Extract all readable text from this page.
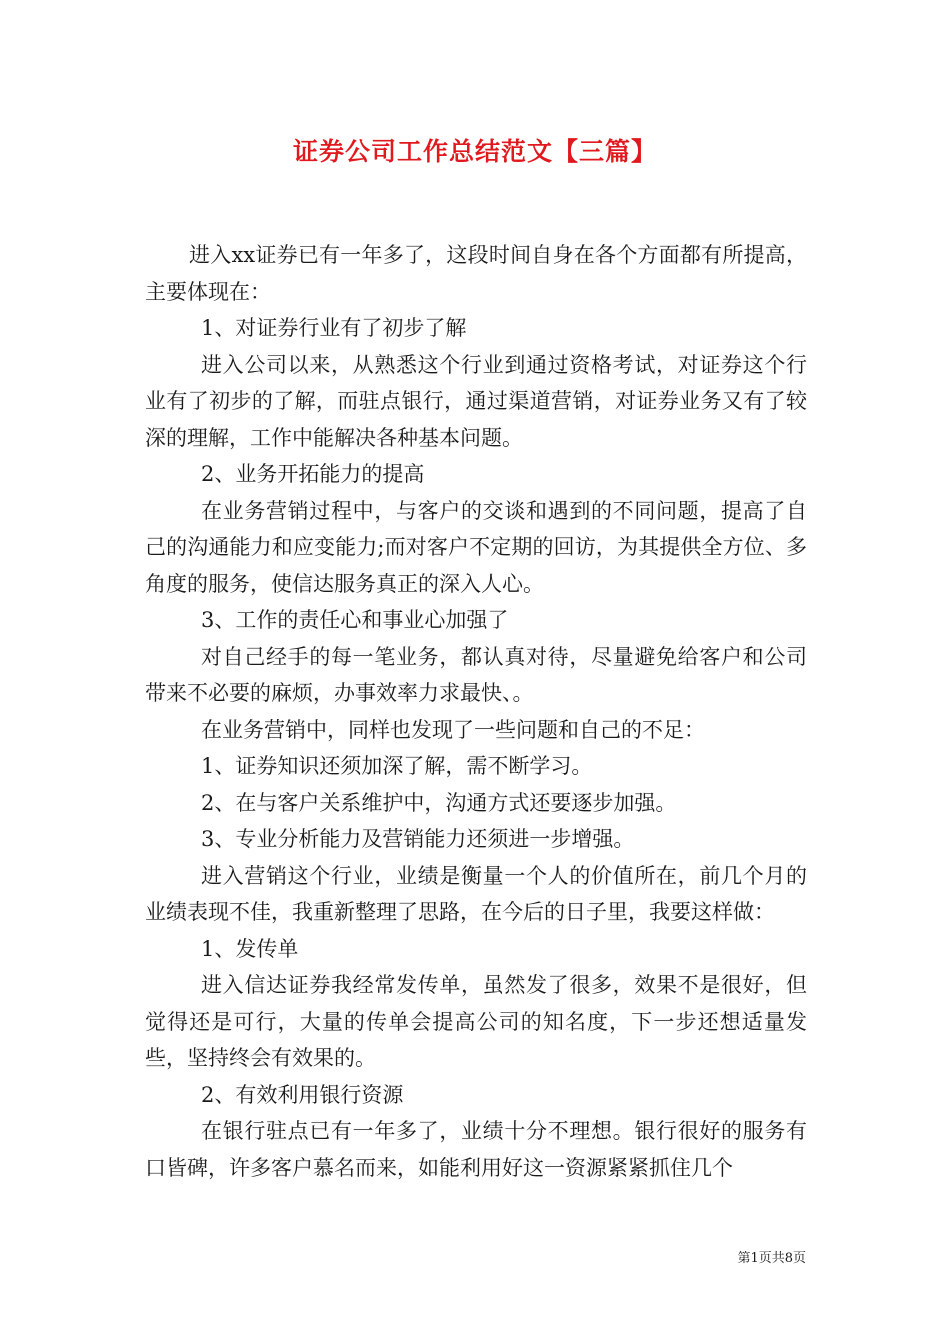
证券公司工作总结范文【三篇】

进入xx证券已有一年多了，这段时间自身在各个方面都有所提高，主要体现在：

1、对证券行业有了初步了解

进入公司以来，从熟悉这个行业到通过资格考试，对证券这个行业有了初步的了解，而驻点银行，通过渠道营销，对证券业务又有了较深的理解，工作中能解决各种基本问题。

2、业务开拓能力的提高

在业务营销过程中，与客户的交谈和遇到的不同问题，提高了自己的沟通能力和应变能力;而对客户不定期的回访，为其提供全方位、多角度的服务，使信达服务真正的深入人心。

3、工作的责任心和事业心加强了

对自己经手的每一笔业务，都认真对待，尽量避免给客户和公司带来不必要的麻烦，办事效率力求最快、。

在业务营销中，同样也发现了一些问题和自己的不足：

1、证券知识还须加深了解，需不断学习。

2、在与客户关系维护中，沟通方式还要逐步加强。

3、专业分析能力及营销能力还须进一步增强。

进入营销这个行业，业绩是衡量一个人的价值所在，前几个月的业绩表现不佳，我重新整理了思路，在今后的日子里，我要这样做：

1、发传单

进入信达证券我经常发传单，虽然发了很多，效果不是很好，但觉得还是可行，大量的传单会提高公司的知名度，下一步还想适量发些，坚持终会有效果的。

2、有效利用银行资源

在银行驻点已有一年多了，业绩十分不理想。银行很好的服务有口皆碑，许多客户慕名而来，如能利用好这一资源紧紧抓住几个

第1页共8页
